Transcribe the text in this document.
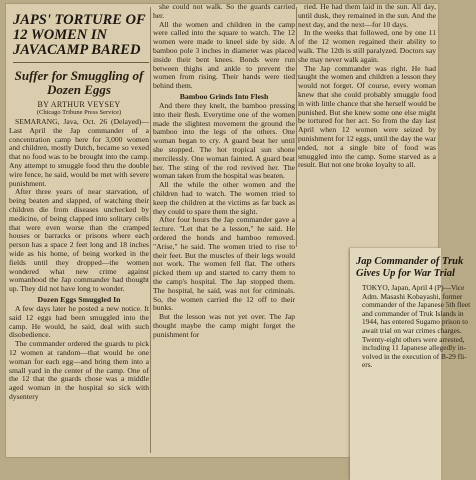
JAPS' TORTURE OF 12 WOMEN IN JAVACAMP BARED
Suffer for Smuggling of Dozen Eggs
BY ARTHUR VEYSEY
(Chicago Tribune Press Service)

SEMARANG, Java, Oct. 26 (Delayed)—Last April the Jap commander of a concentration camp here for 3,000 women and children, mostly Dutch, became so vexed that no food was to be brought into the camp. Any attempt to smuggle food thru the double wire fence, he said, would be met with severe punishment.

After three years of near starvation, of being beaten and slapped, of watching their children die from diseases unchecked by medicine, of being clapped into solitary cells that were even worse than the cramped houses or barracks or prisons where each person has a space 2 feet long and 18 inches wide as his home, of being worked in the fields until they dropped—the women wondered what new crime against womanhood the Jap commander had thought up. They did not have long to wonder.

Dozen Eggs Smuggled In

A few days later he posted a new notice. It said 12 eggs had been smuggled into the camp. He would, he said, deal with such disobedience.

The commander ordered the guards to pick 12 women at random—that would be one woman for each egg—and bring them into a small yard in the center of the camp. One of the 12 that the guards chose was a middle aged woman in the hospital so sick with dysentery

she could not walk. So the guards carried her.

All the women and children in the camp were called into the square to watch. The 12 women were made to kneel side by side. A bamboo pole 3 inches in diameter was placed inside their bent knees. Bonds were run between thighs and ankle to prevent the women from rising. Their hands were tied behind them.

Bamboo Grinds Into Flesh

And there they knelt, the bamboo pressing into their flesh. Everytime one of the women made the slightest movement the ground the bamboo into the legs of the others. One woman began to cry. A guard beat her until she stopped. The hot tropical sun shone mercilessly. One woman fainted. A guard beat her. The sting of the rod revived her. The woman taken from the hospital was beaten.

All the while the other women and the children had to watch. The women tried to keep the children at the victims as far back as they could to spare them the sight.

After four hours the Jap commander gave a lecture. "Let that be a lesson," he said. He ordered the bonds and bamboo removed. "Arise," he said. The women tried to rise to their feet. But the muscles of their legs would not work. The women fell flat. The others picked them up and started to carry them to the camp's hospital. The Jap stopped them. The hospital, he said, was not for criminals. So, the women carried the 12 off to their bunks.

But the lesson was not yet over. The Jap thought maybe the camp might forget the punishment for

ried. He had them laid in the sun. All day, until dusk, they remained in the sun. And the next day, and the next—for 10 days.

In the weeks that followed, one by one 11 of the 12 women regained their ability to walk. The 12th is still paralyzed. Doctors say she may never walk again.

The Jap commander was right. He had taught the women and children a lesson they would not forget. Of course, every woman knew that she could probably smuggle food in with little chance that she herself would be punished. But she knew some one else might be tortured for her act. So from the day last April when 12 women were seized by punishment for 12 eggs, until the day the war ended, not a single bite of food was smuggled into the camp. Some starved as a result. But not one broke loyalty to all.

Jap Commander of Truk
Gives Up for War Trial
TOKYO, Japan, April 4 (P)—Vice
Adm. Masashi Kobayashi, former
commander of the Japanese 5th fleet
and commander of Truk Islands in
1944, has entered Sugamo prison to
await trial on war crimes charges.
Twenty-eight others were arrested,
including 11 Japanese allegedly in-
volved in the execution of B-29 fli-
ers.
